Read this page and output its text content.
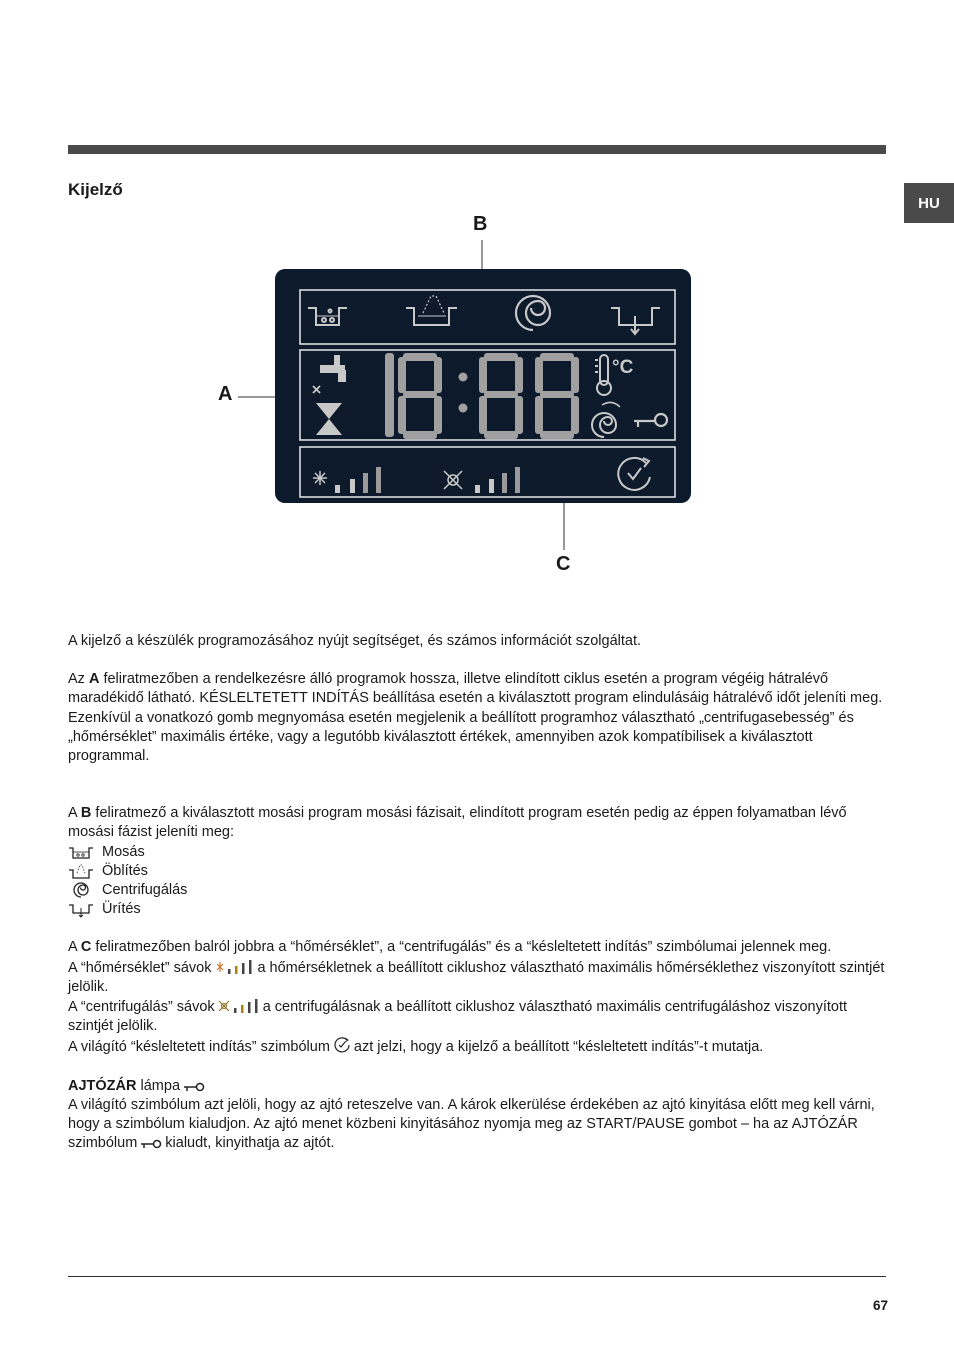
Kijelző
HU
°C
B
A
C

A kijelző a készülék programozásához nyújt segítséget, és számos információt szolgáltat.

Az A feliratmezőben a rendelkezésre álló programok hossza, illetve elindított ciklus esetén a program végéig hátralévő maradékidő látható. KÉSLELTETETT INDÍTÁS beállítása esetén a kiválasztott program elindulásáig hátralévő időt jeleníti meg.

Ezenkívül a vonatkozó gomb megnyomása esetén megjelenik a beállított programhoz választható „centrifugasebesség” és „hőmérséklet” maximális értéke, vagy a legutóbb kiválasztott értékek, amennyiben azok kompatíbilisek a kiválasztott programmal.

A B feliratmező a kiválasztott mosási program mosási fázisait, elindított program esetén pedig az éppen folyamatban lévő mosási fázist jeleníti meg:

Mosás
Öblítés
Centrifugálás
Ürítés

A C feliratmezőben balról jobbra a “hőmérséklet”, a “centrifugálás” és a “késleltetett indítás” szimbólumai jelennek meg.

A “hőmérséklet” sávok	a hőmérsékletnek a beállított ciklushoz választható maximális hőmérséklethez viszonyított szintjét jelölik.

A “centrifugálás” sávok	a centrifugálásnak a beállított ciklushoz választható maximális centrifugáláshoz viszonyított szintjét jelölik.

A világító “késleltetett indítás” szimbólum azt jelzi, hogy a kijelző a beállított “késleltetett indítás”-t mutatja.

AJTÓZÁR lámpa

A világító szimbólum azt jelöli, hogy az ajtó reteszelve van. A károk elkerülése érdekében az ajtó kinyitása előtt meg kell várni, hogy a szimbólum kialudjon. Az ajtó menet közbeni kinyitásához nyomja meg az START/PAUSE gombot – ha az AJTÓZÁR szimbólum kialudt, kinyithatja az ajtót.

67
